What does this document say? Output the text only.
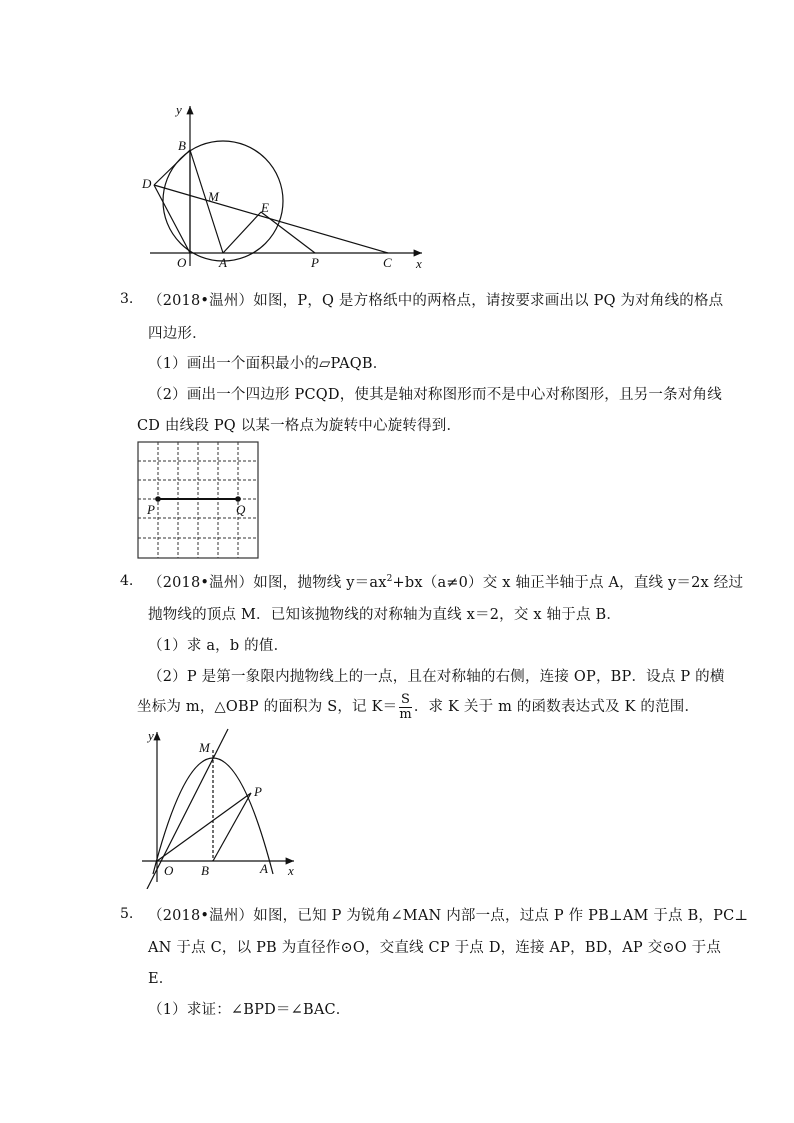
y
x
B
D
M
E
O	A	P	C
3. （2018•温州）如图，P，Q 是方格纸中的两格点，请按要求画出以 PQ 为对角线的格点
四边形．
（1）画出一个面积最小的▱PAQB．
（2）画出一个四边形 PCQD，使其是轴对称图形而不是中心对称图形，且另一条对角线
CD 由线段 PQ 以某一格点为旋转中心旋转得到．
P	Q
4. （2018•温州）如图，抛物线 $y=ax^2+bx(a\ne 0)$交 x 轴正半轴于点 A，直线 y＝2x 经过
抛物线的顶点 M．已知该抛物线的对称轴为直线 x＝2，交 x 轴于点 B．
（1）求 a，b 的值．
（2）P 是第一象限内抛物线上的一点，且在对称轴的右侧，连接 OP，BP．设点 P 的横
坐标为 m，△OBP 的面积为 S，记 $K= \frac{S}{m}$ ．求 K 关于 m 的函数表达式及 K 的范围．
y
x
M
P
O B	A
5. （2018•温州）如图，已知 P 为锐角∠MAN 内部一点，过点 P 作 PB⊥AM 于点 B，PC⊥
AN 于点 C，以 PB 为直径作⊙O，交直线 CP 于点 D，连接 AP，BD，AP 交⊙O 于点
E．
（1）求证：∠BPD＝∠BAC．
